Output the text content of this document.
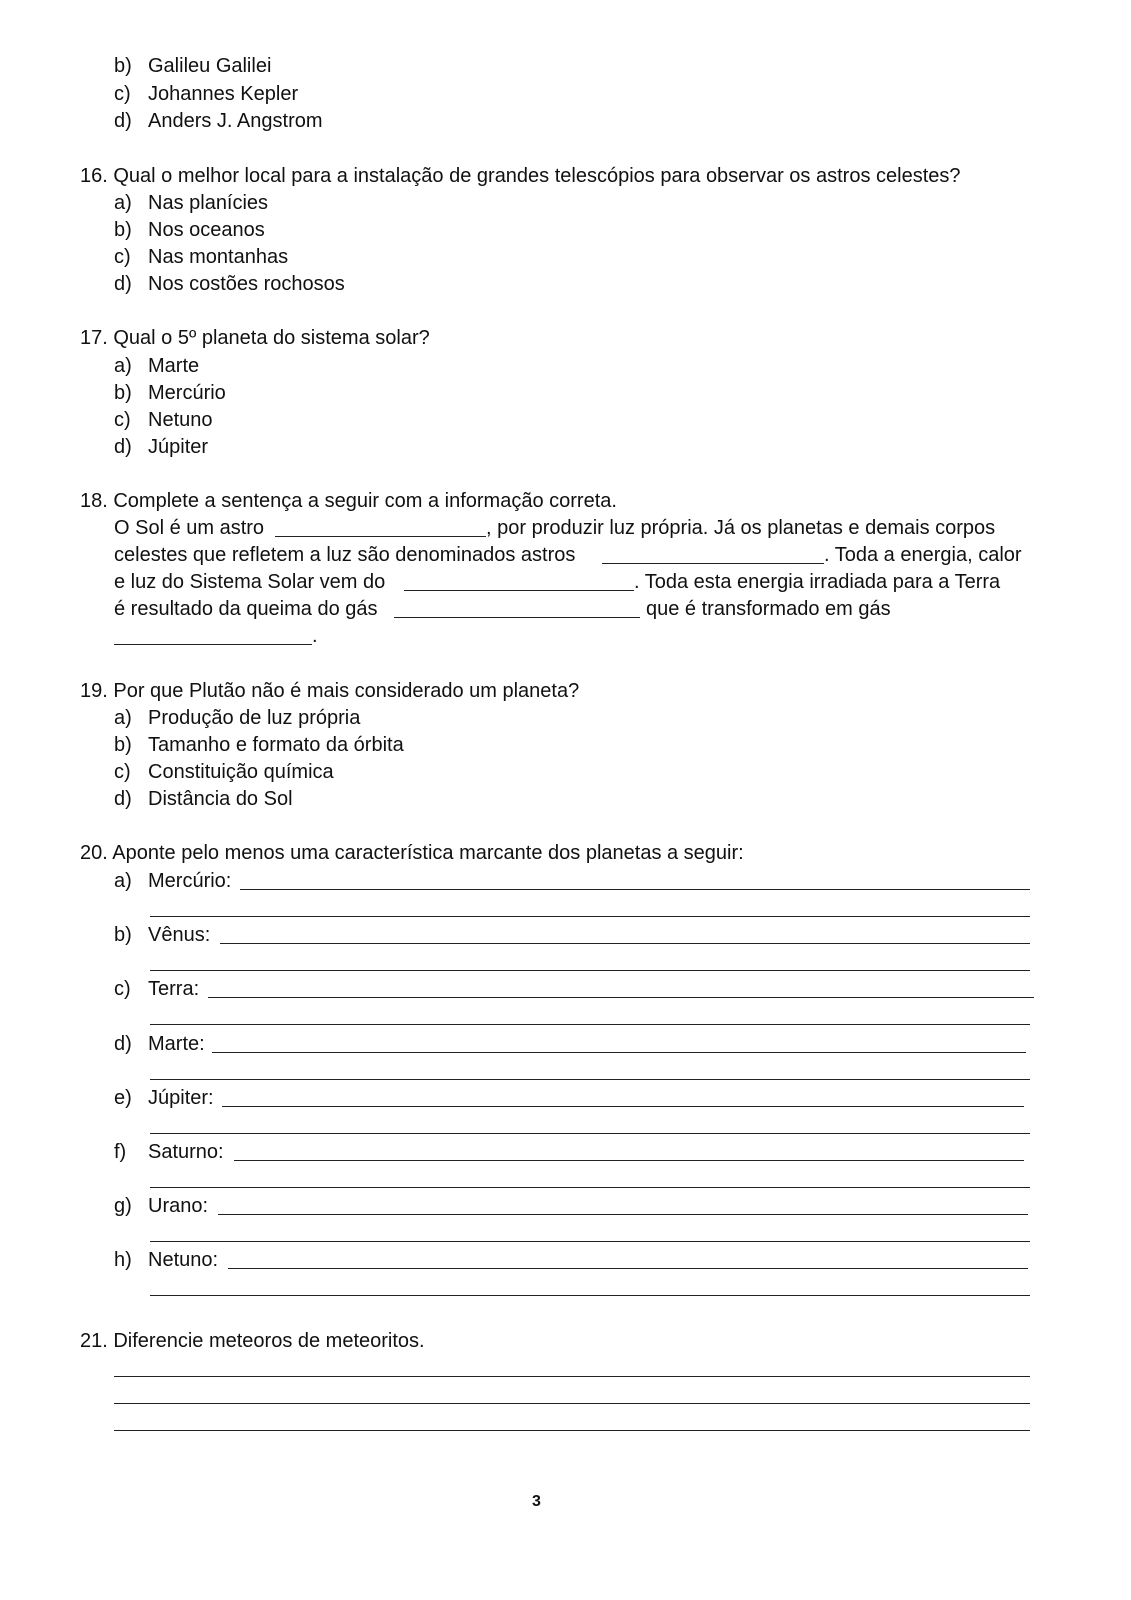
b) Galileu Galilei
c) Johannes Kepler
d) Anders J. Angstrom
16. Qual o melhor local para a instalação de grandes telescópios para observar os astros celestes?
a) Nas planícies
b) Nos oceanos
c) Nas montanhas
d) Nos costões rochosos
17. Qual o 5º planeta do sistema solar?
a) Marte
b) Mercúrio
c) Netuno
d) Júpiter
18. Complete a sentença a seguir com a informação correta.
O Sol é um astro	, por produzir luz própria. Já os planetas e demais corpos
celestes que refletem a luz são denominados astros	. Toda a energia, calor
e luz do Sistema Solar vem do	. Toda esta energia irradiada para a Terra
é resultado da queima do gás	que é transformado em gás
.
19. Por que Plutão não é mais considerado um planeta?
a) Produção de luz própria
b) Tamanho e formato da órbita
c) Constituição química
d) Distância do Sol
20. Aponte pelo menos uma característica marcante dos planetas a seguir:
a) Mercúrio:
b) Vênus:
c) Terra:
d) Marte:
e) Júpiter:
f) Saturno:
g) Urano:
h) Netuno:
21. Diferencie meteoros de meteoritos.
3
